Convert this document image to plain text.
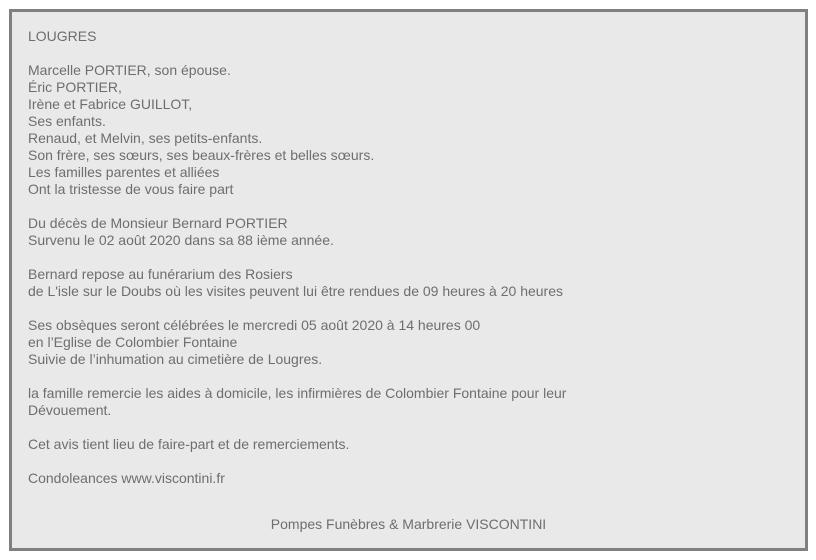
LOUGRES
Marcelle PORTIER, son épouse.
Éric PORTIER,
Irène et Fabrice GUILLOT,
Ses enfants.
Renaud, et Melvin, ses petits-enfants.
Son frère, ses sœurs, ses beaux-frères et belles sœurs.
Les familles parentes et alliées
Ont la tristesse de vous faire part
Du décès de Monsieur Bernard PORTIER
Survenu le 02 août 2020 dans sa 88 ième année.
Bernard repose au funérarium des Rosiers
de L'isle sur le Doubs où les visites peuvent lui être rendues de 09 heures à 20 heures
Ses obsèques seront célébrées le mercredi 05 août 2020 à 14 heures 00
en l’Eglise de Colombier Fontaine
Suivie de l’inhumation au cimetière de Lougres.
la famille remercie les aides à domicile, les infirmières de Colombier Fontaine pour leur
Dévouement.
Cet avis tient lieu de faire-part et de remerciements.
Condoleances www.viscontini.fr
Pompes Funèbres & Marbrerie VISCONTINI
